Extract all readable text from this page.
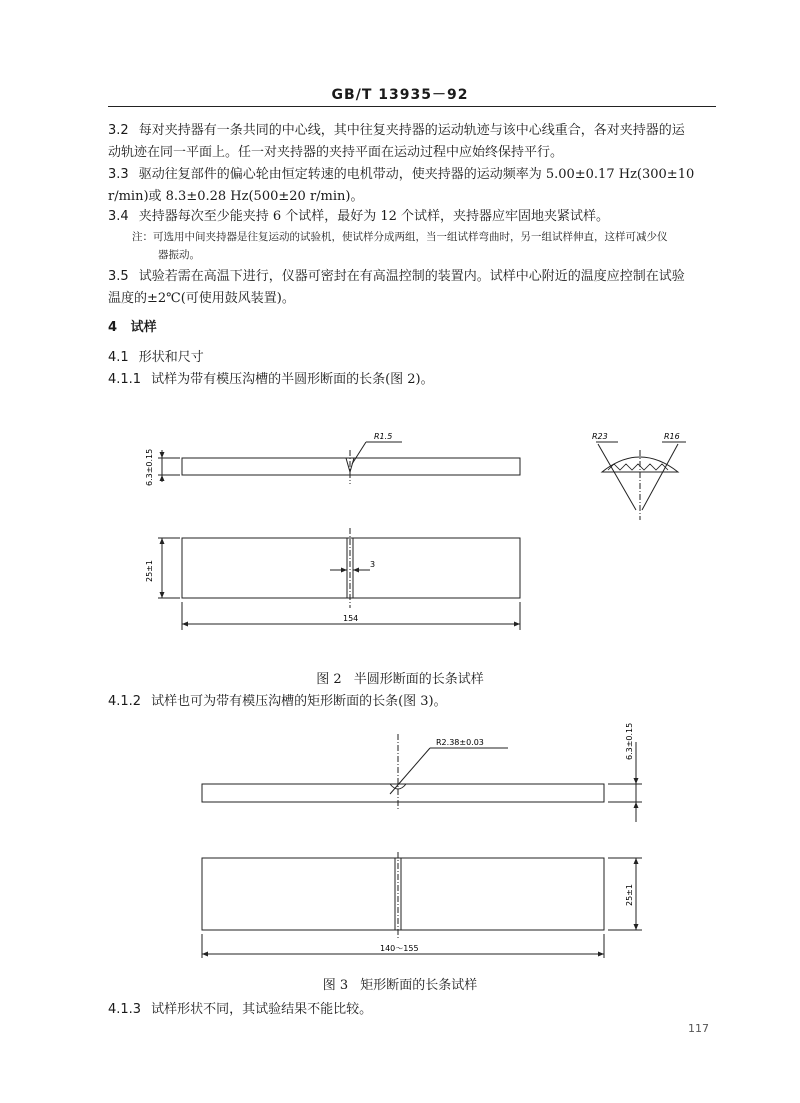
GB/T 13935－92
3.2 每对夹持器有一条共同的中心线，其中往复夹持器的运动轨迹与该中心线重合，各对夹持器的运
动轨迹在同一平面上。任一对夹持器的夹持平面在运动过程中应始终保持平行。
3.3 驱动往复部件的偏心轮由恒定转速的电机带动，使夹持器的运动频率为 5.00±0.17 Hz(300±10
r/min)或 8.3±0.28 Hz(500±20 r/min)。
3.4 夹持器每次至少能夹持 6 个试样，最好为 12 个试样，夹持器应牢固地夹紧试样。
注：可选用中间夹持器是往复运动的试验机，使试样分成两组，当一组试样弯曲时，另一组试样伸直，这样可减少仪
器振动。
3.5 试验若需在高温下进行，仪器可密封在有高温控制的装置内。试样中心附近的温度应控制在试验
温度的±2℃(可使用鼓风装置)。
4 试样
4.1 形状和尺寸
4.1.1 试样为带有模压沟槽的半圆形断面的长条(图 2)。
6.3±0.15
25±1
154
R1.5
3
R23	R16
图 2 半圆形断面的长条试样
4.1.2 试样也可为带有模压沟槽的矩形断面的长条(图 3)。
R2.38±0.03	6.3±0.15
25±1
140～155
图 3 矩形断面的长条试样
4.1.3 试样形状不同，其试验结果不能比较。
117
